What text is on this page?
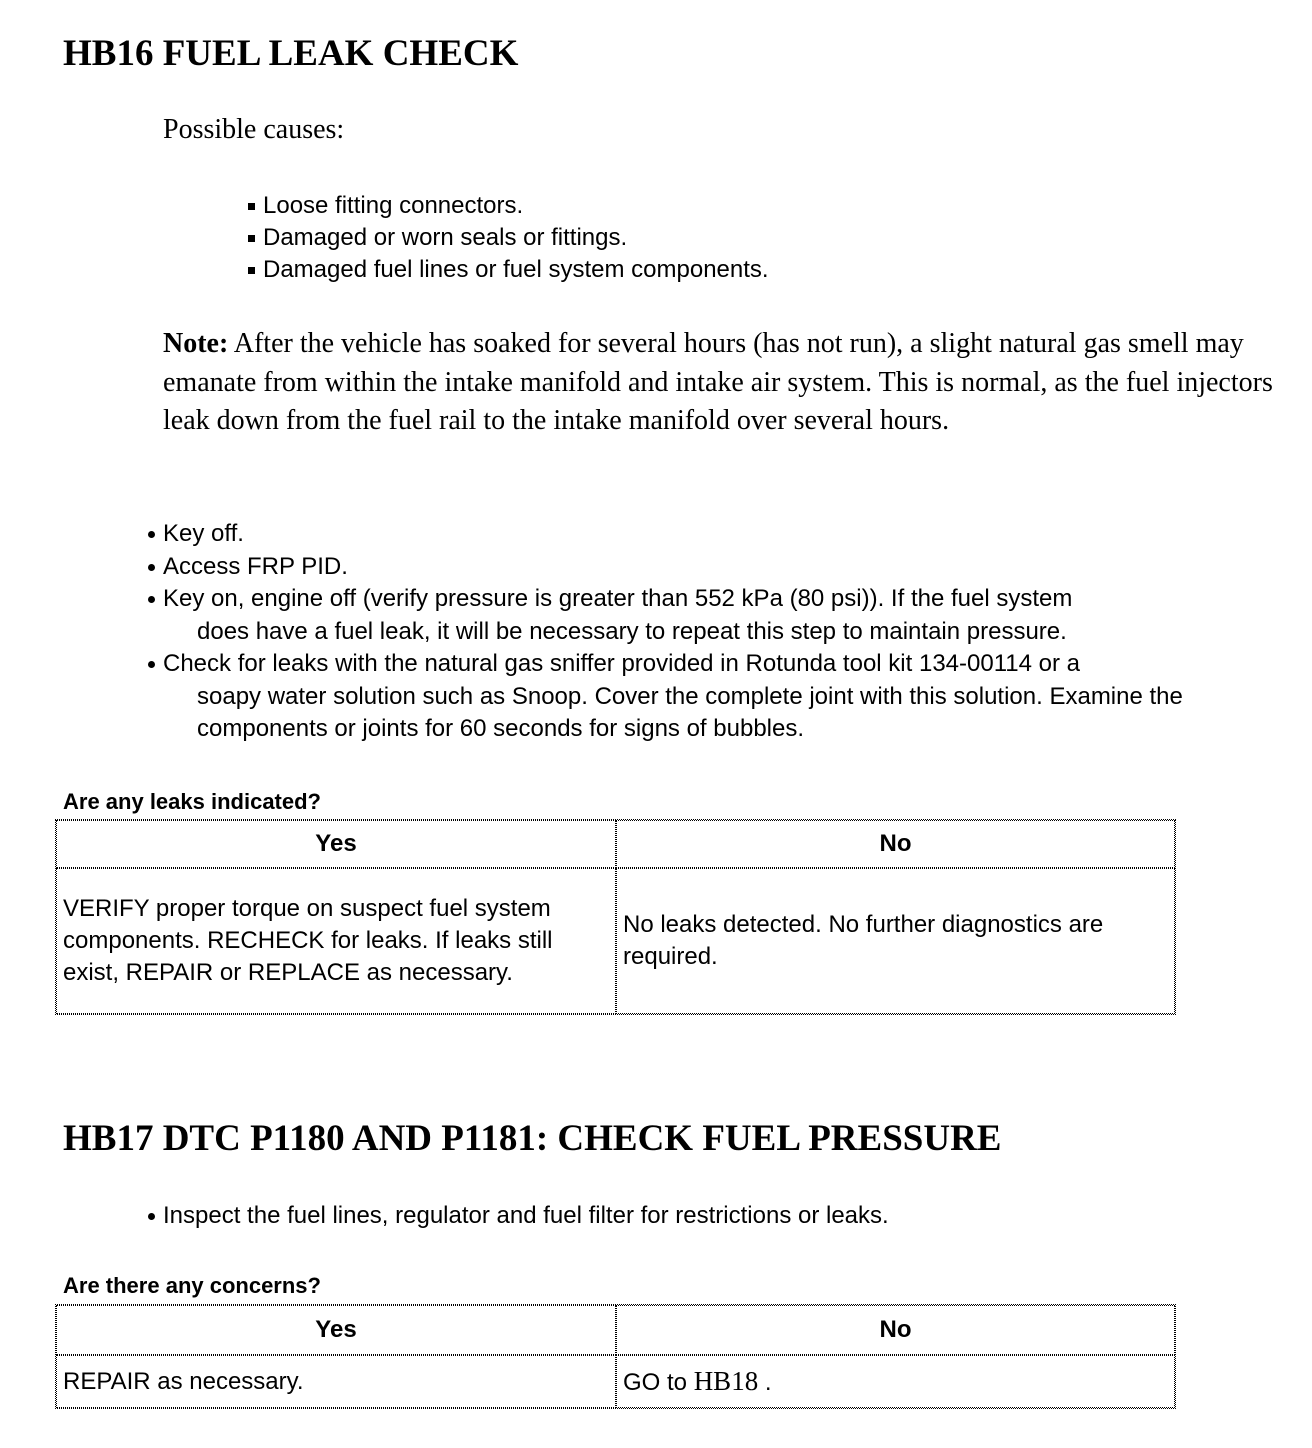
HB16 FUEL LEAK CHECK
Possible causes:
Loose fitting connectors.
Damaged or worn seals or fittings.
Damaged fuel lines or fuel system components.
Note: After the vehicle has soaked for several hours (has not run), a slight natural gas smell may emanate from within the intake manifold and intake air system. This is normal, as the fuel injectors leak down from the fuel rail to the intake manifold over several hours.
Key off.
Access FRP PID.
Key on, engine off (verify pressure is greater than 552 kPa (80 psi)). If the fuel system
does have a fuel leak, it will be necessary to repeat this step to maintain pressure.
Check for leaks with the natural gas sniffer provided in Rotunda tool kit 134-00114 or a
soapy water solution such as Snoop. Cover the complete joint with this solution. Examine the components or joints for 60 seconds for signs of bubbles.
Are any leaks indicated?
Yes	No
VERIFY proper torque on suspect fuel system components. RECHECK for leaks. If leaks still exist, REPAIR or REPLACE as necessary.	No leaks detected. No further diagnostics are required.
HB17 DTC P1180 AND P1181: CHECK FUEL PRESSURE
Inspect the fuel lines, regulator and fuel filter for restrictions or leaks.
Are there any concerns?
Yes	No
REPAIR as necessary.	GO to HB18 .
